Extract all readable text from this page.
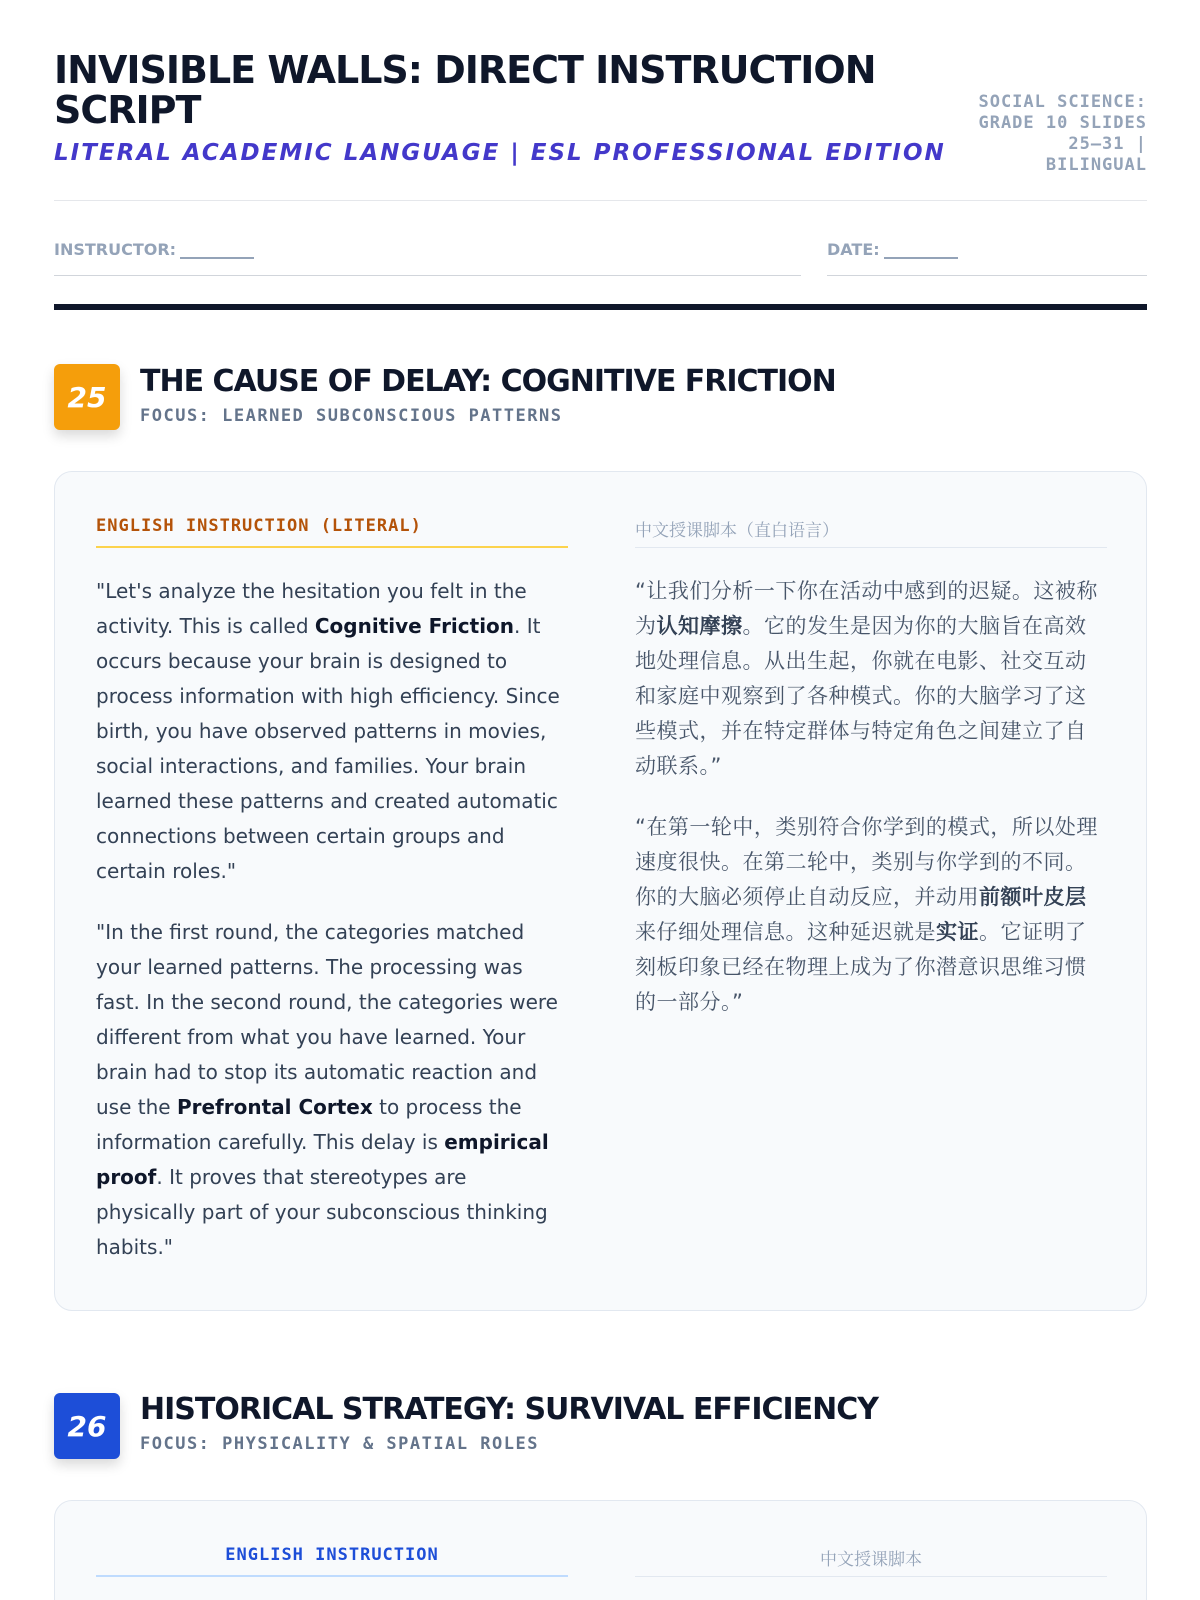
INVISIBLE WALLS: DIRECT INSTRUCTION SCRIPT
LITERAL ACADEMIC LANGUAGE | ESL PROFESSIONAL EDITION
SOCIAL SCIENCE: GRADE 10 SLIDES 25–31 | BILINGUAL
INSTRUCTOR:	DATE:
25	THE CAUSE OF DELAY: COGNITIVE FRICTION
FOCUS: LEARNED SUBCONSCIOUS PATTERNS
ENGLISH INSTRUCTION (LITERAL)

"Let's analyze the hesitation you felt in the activity. This is called Cognitive Friction. It occurs because your brain is designed to process information with high efficiency. Since birth, you have observed patterns in movies, social interactions, and families. Your brain learned these patterns and created automatic connections between certain groups and certain roles."

"In the first round, the categories matched your learned patterns. The processing was fast. In the second round, the categories were different from what you have learned. Your brain had to stop its automatic reaction and use the Prefrontal Cortex to process the information carefully. This delay is empirical proof. It proves that stereotypes are physically part of your subconscious thinking habits."

中文授课脚本（直白语言）

“让我们分析一下你在活动中感到的迟疑。这被称为认知摩擦。它的发生是因为你的大脑旨在高效地处理信息。从出生起，你就在电影、社交互动和家庭中观察到了各种模式。你的大脑学习了这些模式，并在特定群体与特定角色之间建立了自动联系。”

“在第一轮中，类别符合你学到的模式，所以处理速度很快。在第二轮中，类别与你学到的不同。你的大脑必须停止自动反应，并动用前额叶皮层来仔细处理信息。这种延迟就是实证。它证明了刻板印象已经在物理上成为了你潜意识思维习惯的一部分。”

26	HISTORICAL STRATEGY: SURVIVAL EFFICIENCY
FOCUS: PHYSICALITY & SPATIAL ROLES
ENGLISH INSTRUCTION	中文授课脚本
